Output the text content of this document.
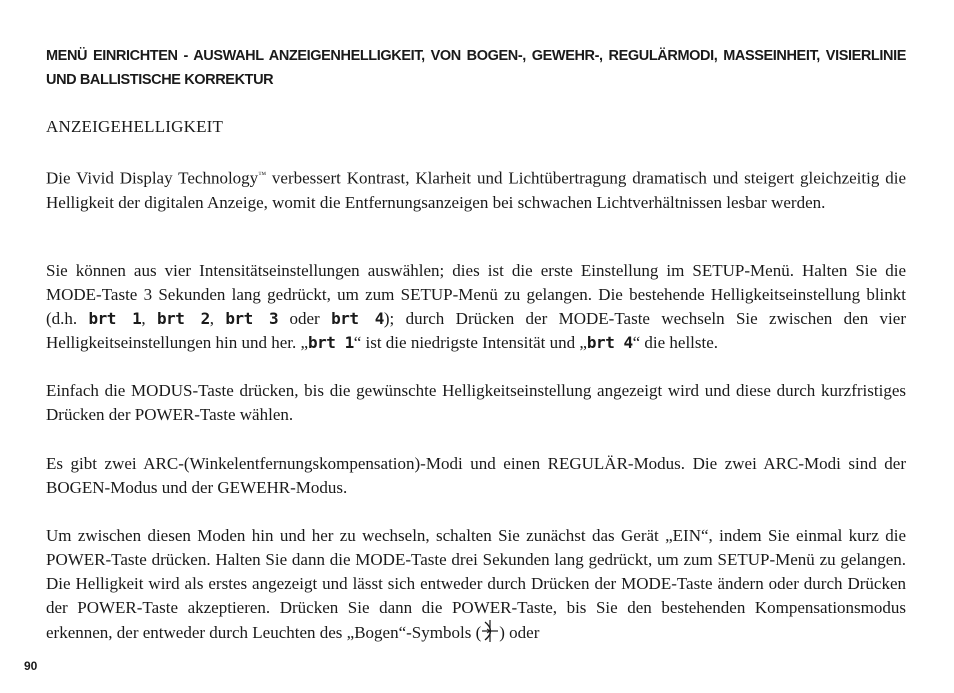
MENÜ EINRICHTEN - AUSWAHL ANZEIGENHELLIGKEIT, VON BOGEN-, GEWEHR-, REGULÄRMODI, MASSEINHEIT, VISIERLINIE UND BALLISTISCHE KORREKTUR
ANZEIGEHELLIGKEIT
Die Vivid Display Technology™ verbessert Kontrast, Klarheit und Lichtübertragung dramatisch und steigert gleichzeitig die Helligkeit der digitalen Anzeige, womit die Entfernungsanzeigen bei schwachen Lichtverhältnissen lesbar werden.
Sie können aus vier Intensitätseinstellungen auswählen; dies ist die erste Einstellung im SETUP-Menü. Halten Sie die MODE-Taste 3 Sekunden lang gedrückt, um zum SETUP-Menü zu gelangen. Die bestehende Helligkeitseinstellung blinkt (d.h. brt 1, brt 2, brt 3 oder brt 4); durch Drücken der MODE-Taste wechseln Sie zwischen den vier Helligkeitseinstellungen hin und her. „brt 1“ ist die niedrigste Intensität und „brt 4“ die hellste.
Einfach die MODUS-Taste drücken, bis die gewünschte Helligkeitseinstellung angezeigt wird und diese durch kurzfristiges Drücken der POWER-Taste wählen.
Es gibt zwei ARC-(Winkelentfernungskompensation)-Modi und einen REGULÄR-Modus. Die zwei ARC-Modi sind der BOGEN-Modus und der GEWEHR-Modus.
Um zwischen diesen Moden hin und her zu wechseln, schalten Sie zunächst das Gerät „EIN“, indem Sie einmal kurz die POWER-Taste drücken. Halten Sie dann die MODE-Taste drei Sekunden lang gedrückt, um zum SETUP-Menü zu gelangen. Die Helligkeit wird als erstes angezeigt und lässt sich entweder durch Drücken der MODE-Taste ändern oder durch Drücken der POWER-Taste akzeptieren. Drücken Sie dann die POWER-Taste, bis Sie den bestehenden Kompensationsmodus erkennen, der entweder durch Leuchten des „Bogen“-Symbols ( ) oder
90
